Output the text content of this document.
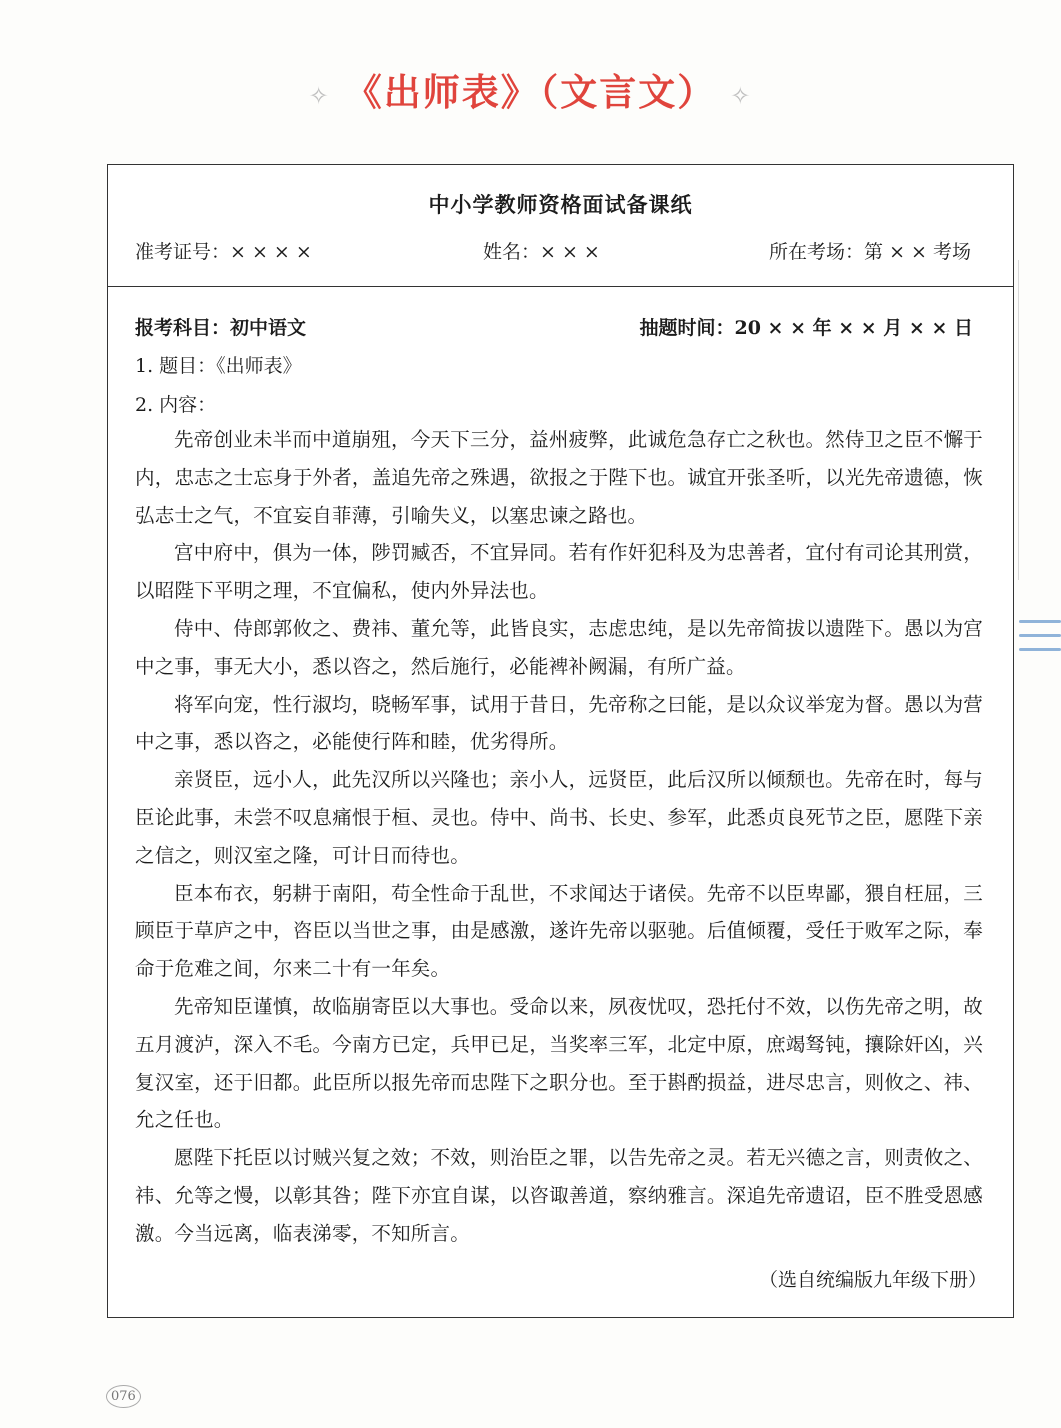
✧ 《出师表》（文言文） ✧
中小学教师资格面试备课纸
准考证号：× × × ×	姓名：× × ×	所在考场：第 × × 考场
报考科目：初中语文	抽题时间：20 × × 年 × × 月 × × 日
1. 题目：《出师表》
2. 内容：

先帝创业未半而中道崩殂，今天下三分，益州疲弊，此诚危急存亡之秋也。然侍卫之臣不懈于内，忠志之士忘身于外者，盖追先帝之殊遇，欲报之于陛下也。诚宜开张圣听，以光先帝遗德，恢弘志士之气，不宜妄自菲薄，引喻失义，以塞忠谏之路也。

宫中府中，俱为一体，陟罚臧否，不宜异同。若有作奸犯科及为忠善者，宜付有司论其刑赏，以昭陛下平明之理，不宜偏私，使内外异法也。

侍中、侍郎郭攸之、费祎、董允等，此皆良实，志虑忠纯，是以先帝简拔以遗陛下。愚以为宫中之事，事无大小，悉以咨之，然后施行，必能裨补阙漏，有所广益。

将军向宠，性行淑均，晓畅军事，试用于昔日，先帝称之曰能，是以众议举宠为督。愚以为营中之事，悉以咨之，必能使行阵和睦，优劣得所。

亲贤臣，远小人，此先汉所以兴隆也；亲小人，远贤臣，此后汉所以倾颓也。先帝在时，每与臣论此事，未尝不叹息痛恨于桓、灵也。侍中、尚书、长史、参军，此悉贞良死节之臣，愿陛下亲之信之，则汉室之隆，可计日而待也。

臣本布衣，躬耕于南阳，苟全性命于乱世，不求闻达于诸侯。先帝不以臣卑鄙，猥自枉屈，三顾臣于草庐之中，咨臣以当世之事，由是感激，遂许先帝以驱驰。后值倾覆，受任于败军之际，奉命于危难之间，尔来二十有一年矣。

先帝知臣谨慎，故临崩寄臣以大事也。受命以来，夙夜忧叹，恐托付不效，以伤先帝之明，故五月渡泸，深入不毛。今南方已定，兵甲已足，当奖率三军，北定中原，庶竭驽钝，攘除奸凶，兴复汉室，还于旧都。此臣所以报先帝而忠陛下之职分也。至于斟酌损益，进尽忠言，则攸之、祎、允之任也。

愿陛下托臣以讨贼兴复之效；不效，则治臣之罪，以告先帝之灵。若无兴德之言，则责攸之、祎、允等之慢，以彰其咎；陛下亦宜自谋，以咨诹善道，察纳雅言。深追先帝遗诏，臣不胜受恩感激。今当远离，临表涕零，不知所言。

（选自统编版九年级下册）
076
